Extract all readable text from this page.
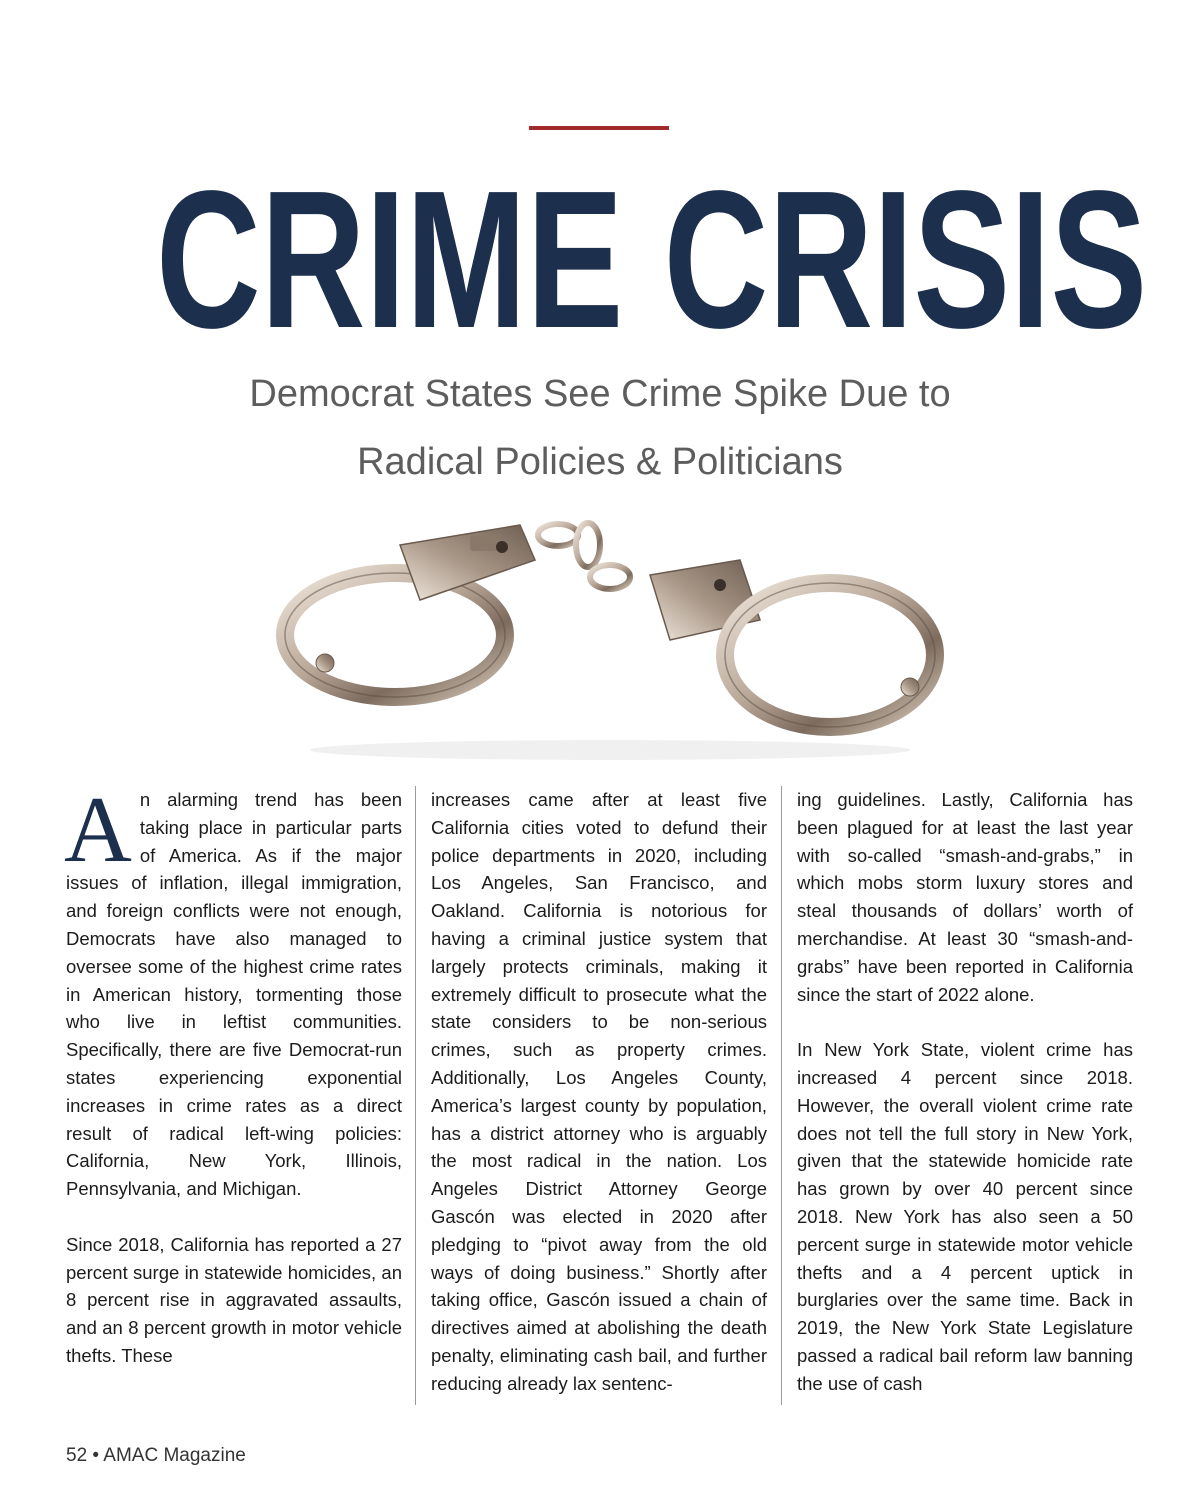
CRIME CRISIS
Democrat States See Crime Spike Due to
Radical Policies & Politicians

An alarming trend has been taking place in particular parts of America. As if the major issues of inflation, illegal immigration, and foreign conflicts were not enough, Democrats have also managed to oversee some of the highest crime rates in American history, tormenting those who live in leftist communities. Specifically, there are five Democrat-run states experiencing exponential increases in crime rates as a direct result of radical left-wing policies: California, New York, Illinois, Pennsylvania, and Michigan.

Since 2018, California has reported a 27 percent surge in statewide homicides, an 8 percent rise in aggravated assaults, and an 8 percent growth in motor vehicle thefts. These

increases came after at least five California cities voted to defund their police departments in 2020, including Los Angeles, San Francisco, and Oakland. California is notorious for having a criminal justice system that largely protects criminals, making it extremely difficult to prosecute what the state considers to be non-serious crimes, such as property crimes. Additionally, Los Angeles County, America’s largest county by population, has a district attorney who is arguably the most radical in the nation. Los Angeles District Attorney George Gascón was elected in 2020 after pledging to “pivot away from the old ways of doing business.” Shortly after taking office, Gascón issued a chain of directives aimed at abolishing the death penalty, eliminating cash bail, and further reducing already lax sentenc-

ing guidelines. Lastly, California has been plagued for at least the last year with so-called “smash-and-grabs,” in which mobs storm luxury stores and steal thousands of dollars’ worth of merchandise. At least 30 “smash-and-grabs” have been reported in California since the start of 2022 alone.

In New York State, violent crime has increased 4 percent since 2018. However, the overall violent crime rate does not tell the full story in New York, given that the statewide homicide rate has grown by over 40 percent since 2018. New York has also seen a 50 percent surge in statewide motor vehicle thefts and a 4 percent uptick in burglaries over the same time. Back in 2019, the New York State Legislature passed a radical bail reform law banning the use of cash

52 • AMAC Magazine
